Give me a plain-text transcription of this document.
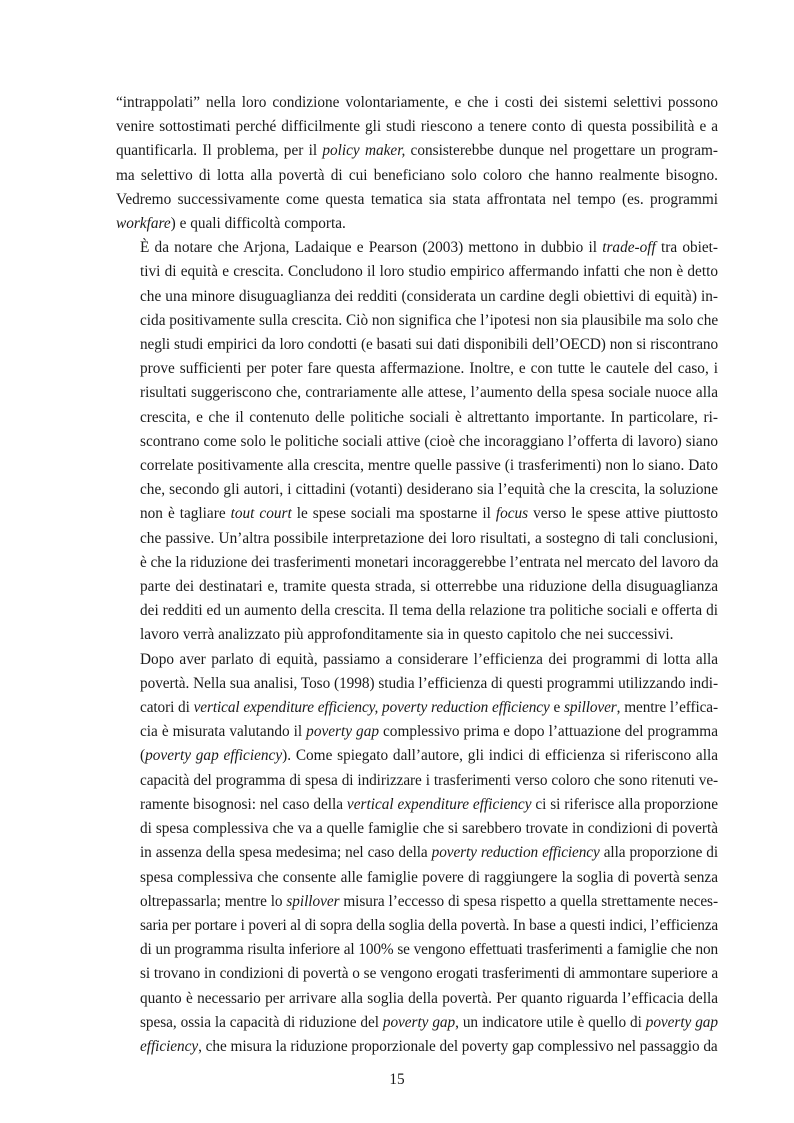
“intrappolati” nella loro condizione volontariamente, e che i costi dei sistemi selettivi possono
venire sottostimati perché difficilmente gli studi riescono a tenere conto di questa possibilità e a
quantificarla. Il problema, per il policy maker, consisterebbe dunque nel progettare un program-
ma selettivo di lotta alla povertà di cui beneficiano solo coloro che hanno realmente bisogno.
Vedremo successivamente come questa tematica sia stata affrontata nel tempo (es. programmi
workfare) e quali difficoltà comporta.

È da notare che Arjona, Ladaique e Pearson (2003) mettono in dubbio il trade-off tra obiet-
tivi di equità e crescita. Concludono il loro studio empirico affermando infatti che non è detto
che una minore disuguaglianza dei redditi (considerata un cardine degli obiettivi di equità) in-
cida positivamente sulla crescita. Ciò non significa che l’ipotesi non sia plausibile ma solo che
negli studi empirici da loro condotti (e basati sui dati disponibili dell’OECD) non si riscontrano
prove sufficienti per poter fare questa affermazione. Inoltre, e con tutte le cautele del caso, i
risultati suggeriscono che, contrariamente alle attese, l’aumento della spesa sociale nuoce alla
crescita, e che il contenuto delle politiche sociali è altrettanto importante. In particolare, ri-
scontrano come solo le politiche sociali attive (cioè che incoraggiano l’offerta di lavoro) siano
correlate positivamente alla crescita, mentre quelle passive (i trasferimenti) non lo siano. Dato
che, secondo gli autori, i cittadini (votanti) desiderano sia l’equità che la crescita, la soluzione
non è tagliare tout court le spese sociali ma spostarne il focus verso le spese attive piuttosto
che passive. Un’altra possibile interpretazione dei loro risultati, a sostegno di tali conclusioni,
è che la riduzione dei trasferimenti monetari incoraggerebbe l’entrata nel mercato del lavoro da
parte dei destinatari e, tramite questa strada, si otterrebbe una riduzione della disuguaglianza
dei redditi ed un aumento della crescita. Il tema della relazione tra politiche sociali e offerta di
lavoro verrà analizzato più approfonditamente sia in questo capitolo che nei successivi.

Dopo aver parlato di equità, passiamo a considerare l’efficienza dei programmi di lotta alla
povertà. Nella sua analisi, Toso (1998) studia l’efficienza di questi programmi utilizzando indi-
catori di vertical expenditure efficiency, poverty reduction efficiency e spillover, mentre l’effica-
cia è misurata valutando il poverty gap complessivo prima e dopo l’attuazione del programma
(poverty gap efficiency). Come spiegato dall’autore, gli indici di efficienza si riferiscono alla
capacità del programma di spesa di indirizzare i trasferimenti verso coloro che sono ritenuti ve-
ramente bisognosi: nel caso della vertical expenditure efficiency ci si riferisce alla proporzione
di spesa complessiva che va a quelle famiglie che si sarebbero trovate in condizioni di povertà
in assenza della spesa medesima; nel caso della poverty reduction efficiency alla proporzione di
spesa complessiva che consente alle famiglie povere di raggiungere la soglia di povertà senza
oltrepassarla; mentre lo spillover misura l’eccesso di spesa rispetto a quella strettamente neces-
saria per portare i poveri al di sopra della soglia della povertà. In base a questi indici, l’efficienza
di un programma risulta inferiore al 100% se vengono effettuati trasferimenti a famiglie che non
si trovano in condizioni di povertà o se vengono erogati trasferimenti di ammontare superiore a
quanto è necessario per arrivare alla soglia della povertà. Per quanto riguarda l’efficacia della
spesa, ossia la capacità di riduzione del poverty gap, un indicatore utile è quello di poverty gap
efficiency, che misura la riduzione proporzionale del poverty gap complessivo nel passaggio da

15
